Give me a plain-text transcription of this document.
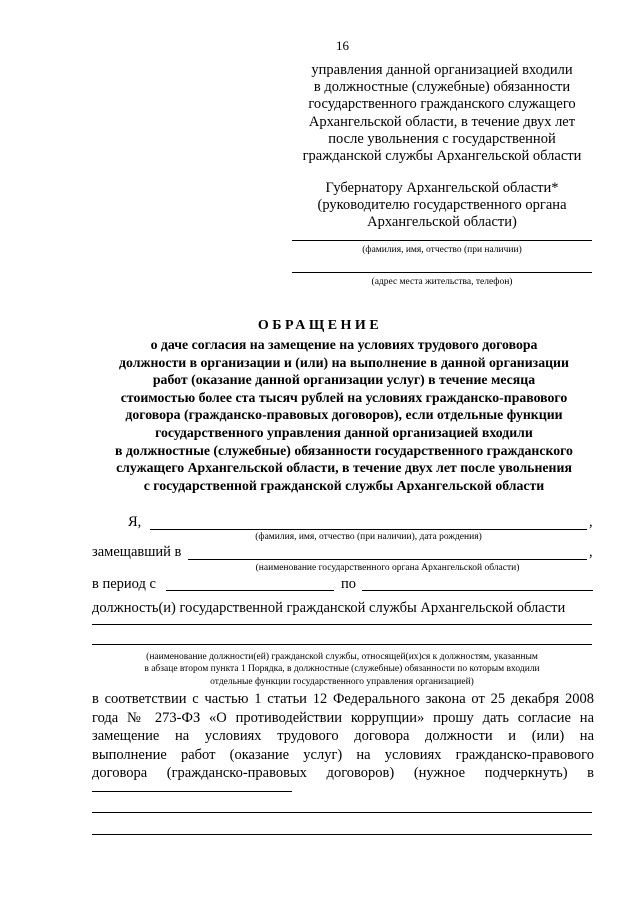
16
управления данной организацией входили
в должностные (служебные) обязанности
государственного гражданского служащего
Архангельской области, в течение двух лет
после увольнения с государственной
гражданской службы Архангельской области
Губернатору Архангельской области*
(руководителю государственного органа
Архангельской области)
(фамилия, имя, отчество (при наличии)
(адрес места жительства, телефон)
ОБРАЩЕНИЕ
о даче согласия на замещение на условиях трудового договора
должности в организации и (или) на выполнение в данной организации
работ (оказание данной организации услуг) в течение месяца
стоимостью более ста тысяч рублей на условиях гражданско-правового
договора (гражданско-правовых договоров), если отдельные функции
государственного управления данной организацией входили
в должностные (служебные) обязанности государственного гражданского
служащего Архангельской области, в течение двух лет после увольнения
с государственной гражданской службы Архангельской области
Я,	,
(фамилия, имя, отчество (при наличии), дата рождения)
замещавший в	,
(наименование государственного органа Архангельской области)
в период с	по
должность(и) государственной гражданской службы Архангельской области
(наименование должности(ей) гражданской службы, относящей(их)ся к должностям, указанным
в абзаце втором пункта 1 Порядка, в должностные (служебные) обязанности по которым входили
отдельные функции государственного управления организацией)
в соответствии с частью 1 статьи 12 Федерального закона от 25 декабря 2008
года № 273-ФЗ «О противодействии коррупции» прошу дать согласие на
замещение на условиях трудового договора должности и (или) на
выполнение работ (оказание услуг) на условиях гражданско-правового
договора (гражданско-правовых договоров) (нужное подчеркнуть) в
